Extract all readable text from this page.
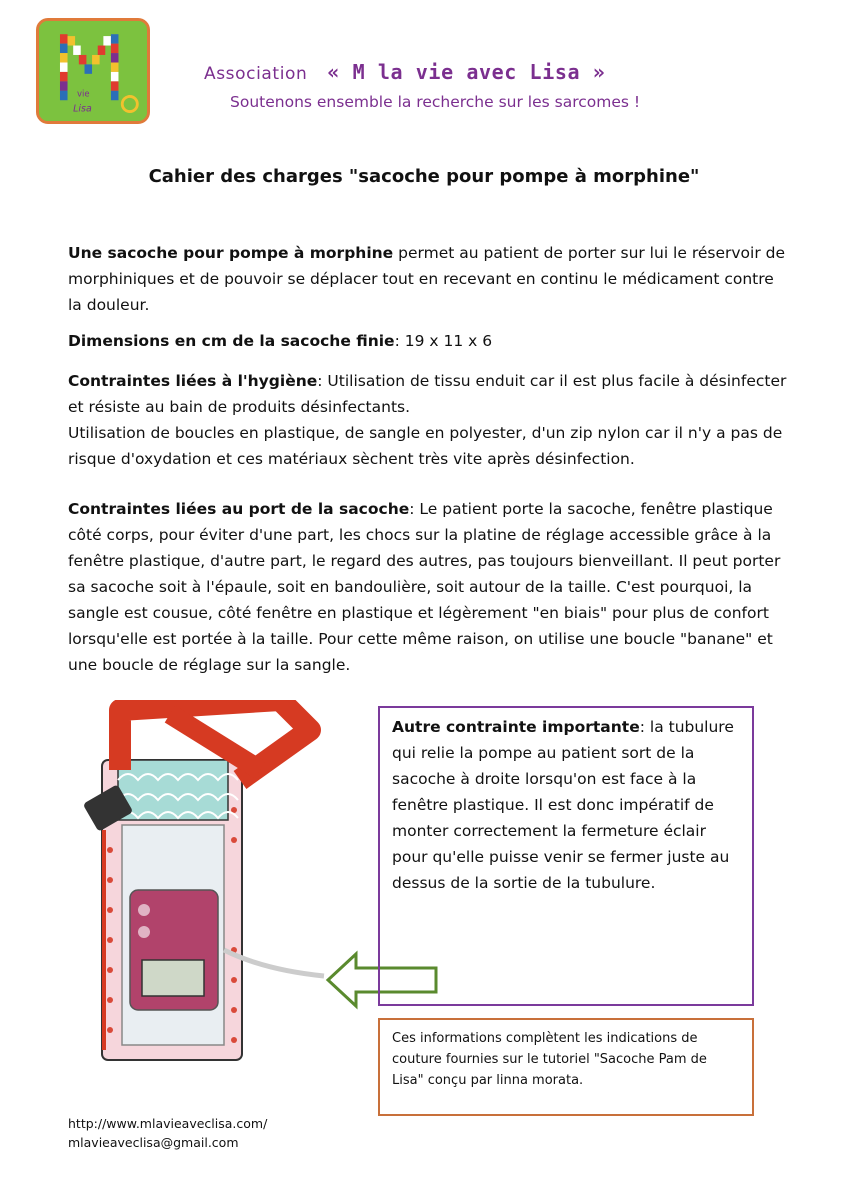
vie
Lisa
Association « M la vie avec Lisa »
Soutenons ensemble la recherche sur les sarcomes !
Cahier des charges "sacoche pour pompe à morphine"
Une sacoche pour pompe à morphine permet au patient de porter sur lui le réservoir de morphiniques et de pouvoir se déplacer tout en recevant en continu le médicament contre la douleur.
Dimensions en cm de la sacoche finie: 19 x 11 x 6
Contraintes liées à l'hygiène: Utilisation de tissu enduit car il est plus facile à désinfecter et résiste au bain de produits désinfectants.
Utilisation de boucles en plastique, de sangle en polyester, d'un zip nylon car il n'y a pas de risque d'oxydation et ces matériaux sèchent très vite après désinfection.
Contraintes liées au port de la sacoche: Le patient porte la sacoche, fenêtre plastique côté corps, pour éviter d'une part, les chocs sur la platine de réglage accessible grâce à la fenêtre plastique, d'autre part, le regard des autres, pas toujours bienveillant. Il peut porter sa sacoche soit à l'épaule, soit en bandoulière, soit autour de la taille. C'est pourquoi, la sangle est cousue, côté fenêtre en plastique et légèrement "en biais" pour plus de confort lorsqu'elle est portée à la taille. Pour cette même raison, on utilise une boucle "banane" et une boucle de réglage sur la sangle.
Autre contrainte importante: la tubulure qui relie la pompe au patient sort de la sacoche à droite lorsqu'on est face à la fenêtre plastique. Il est donc impératif de monter correctement la fermeture éclair pour qu'elle puisse venir se fermer juste au dessus de la sortie de la tubulure.
Ces informations complètent les indications de couture fournies sur le tutoriel "Sacoche Pam de Lisa" conçu par linna morata.
http://www.mlavieaveclisa.com/
mlavieaveclisa@gmail.com
